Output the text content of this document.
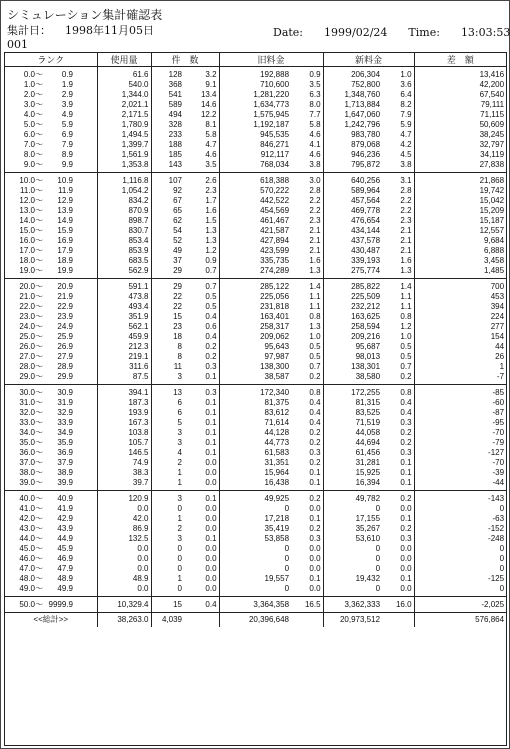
シミュレーション集計確認表
集計日： 1998年11月05日
001
Date: 1999/02/24 Time: 13:03:53
ランク	使用量	件　数		旧料金		新料金		差　額
0.0～ 0.9	61.6	128	3.2	192,888	0.9	206,304	1.0	13,416
1.0～ 1.9	540.0	368	9.1	710,600	3.5	752,800	3.6	42,200
2.0～ 2.9	1,344.0	541	13.4	1,281,220	6.3	1,348,760	6.4	67,540
3.0～ 3.9	2,021.1	589	14.6	1,634,773	8.0	1,713,884	8.2	79,111
4.0～ 4.9	2,171.5	494	12.2	1,575,945	7.7	1,647,060	7.9	71,115
5.0～ 5.9	1,780.9	328	8.1	1,192,187	5.8	1,242,796	5.9	50,609
6.0～ 6.9	1,494.5	233	5.8	945,535	4.6	983,780	4.7	38,245
7.0～ 7.9	1,399.7	188	4.7	846,271	4.1	879,068	4.2	32,797
8.0～ 8.9	1,561.9	185	4.6	912,117	4.6	946,236	4.5	34,119
9.0～ 9.9	1,353.8	143	3.5	768,034	3.8	795,872	3.8	27,838
10.0～ 10.9	1,116.8	107	2.6	618,388	3.0	640,256	3.1	21,868
11.0～ 11.9	1,054.2	92	2.3	570,222	2.8	589,964	2.8	19,742
12.0～ 12.9	834.2	67	1.7	442,522	2.2	457,564	2.2	15,042
13.0～ 13.9	870.9	65	1.6	454,569	2.2	469,778	2.2	15,209
14.0～ 14.9	898.7	62	1.5	461,467	2.3	476,654	2.3	15,187
15.0～ 15.9	830.7	54	1.3	421,587	2.1	434,144	2.1	12,557
16.0～ 16.9	853.4	52	1.3	427,894	2.1	437,578	2.1	9,684
17.0～ 17.9	853.9	49	1.2	423,599	2.1	430,487	2.1	6,888
18.0～ 18.9	683.5	37	0.9	335,735	1.6	339,193	1.6	3,458
19.0～ 19.9	562.9	29	0.7	274,289	1.3	275,774	1.3	1,485
20.0～ 20.9	591.1	29	0.7	285,122	1.4	285,822	1.4	700
21.0～ 21.9	473.8	22	0.5	225,056	1.1	225,509	1.1	453
22.0～ 22.9	493.4	22	0.5	231,818	1.1	232,212	1.1	394
23.0～ 23.9	351.9	15	0.4	163,401	0.8	163,625	0.8	224
24.0～ 24.9	562.1	23	0.6	258,317	1.3	258,594	1.2	277
25.0～ 25.9	459.9	18	0.4	209,062	1.0	209,216	1.0	154
26.0～ 26.9	212.3	8	0.2	95,643	0.5	95,687	0.5	44
27.0～ 27.9	219.1	8	0.2	97,987	0.5	98,013	0.5	26
28.0～ 28.9	311.6	11	0.3	138,300	0.7	138,301	0.7	1
29.0～ 29.9	87.5	3	0.1	38,587	0.2	38,580	0.2	-7
30.0～ 30.9	394.1	13	0.3	172,340	0.8	172,255	0.8	-85
31.0～ 31.9	187.3	6	0.1	81,375	0.4	81,315	0.4	-60
32.0～ 32.9	193.9	6	0.1	83,612	0.4	83,525	0.4	-87
33.0～ 33.9	167.3	5	0.1	71,614	0.4	71,519	0.3	-95
34.0～ 34.9	103.8	3	0.1	44,128	0.2	44,058	0.2	-70
35.0～ 35.9	105.7	3	0.1	44,773	0.2	44,694	0.2	-79
36.0～ 36.9	146.5	4	0.1	61,583	0.3	61,456	0.3	-127
37.0～ 37.9	74.9	2	0.0	31,351	0.2	31,281	0.1	-70
38.0～ 38.9	38.3	1	0.0	15,964	0.1	15,925	0.1	-39
39.0～ 39.9	39.7	1	0.0	16,438	0.1	16,394	0.1	-44
40.0～ 40.9	120.9	3	0.1	49,925	0.2	49,782	0.2	-143
41.0～ 41.9	0.0	0	0.0	0	0.0	0	0.0	0
42.0～ 42.9	42.0	1	0.0	17,218	0.1	17,155	0.1	-63
43.0～ 43.9	86.9	2	0.0	35,419	0.2	35,267	0.2	-152
44.0～ 44.9	132.5	3	0.1	53,858	0.3	53,610	0.3	-248
45.0～ 45.9	0.0	0	0.0	0	0.0	0	0.0	0
46.0～ 46.9	0.0	0	0.0	0	0.0	0	0.0	0
47.0～ 47.9	0.0	0	0.0	0	0.0	0	0.0	0
48.0～ 48.9	48.9	1	0.0	19,557	0.1	19,432	0.1	-125
49.0～ 49.9	0.0	0	0.0	0	0.0	0	0.0	0
50.0～ 9999.9	10,329.4	15	0.4	3,364,358	16.5	3,362,333	16.0	-2,025
<<総計>>	38,263.0	4,039		20,396,648		20,973,512		576,864
